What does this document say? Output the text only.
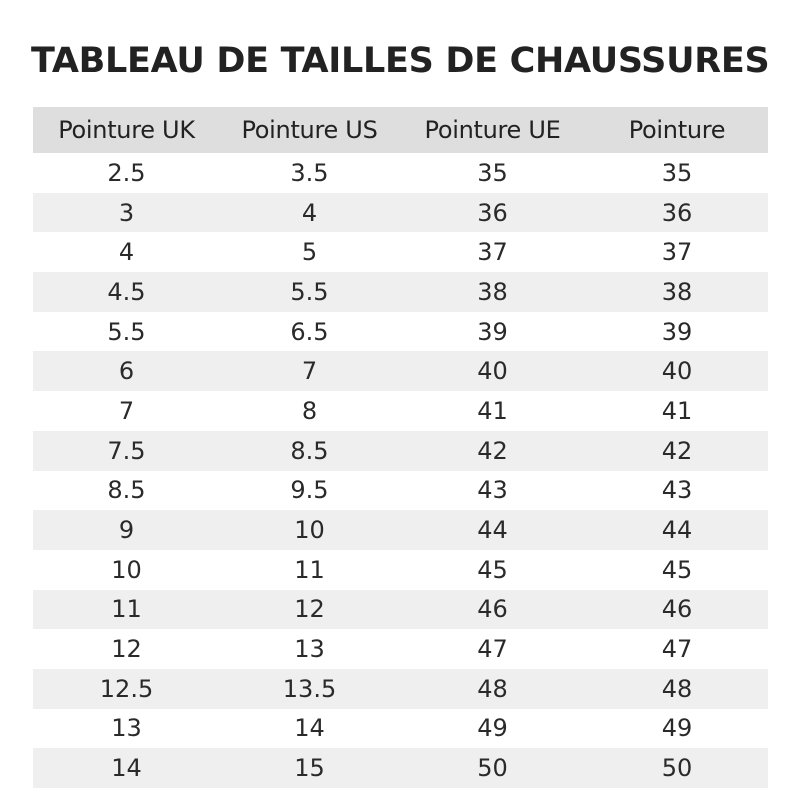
TABLEAU DE TAILLES DE CHAUSSURES
Pointure UK	Pointure US	Pointure UE	Pointure
2.5	3.5	35	35
3	4	36	36
4	5	37	37
4.5	5.5	38	38
5.5	6.5	39	39
6	7	40	40
7	8	41	41
7.5	8.5	42	42
8.5	9.5	43	43
9	10	44	44
10	11	45	45
11	12	46	46
12	13	47	47
12.5	13.5	48	48
13	14	49	49
14	15	50	50
